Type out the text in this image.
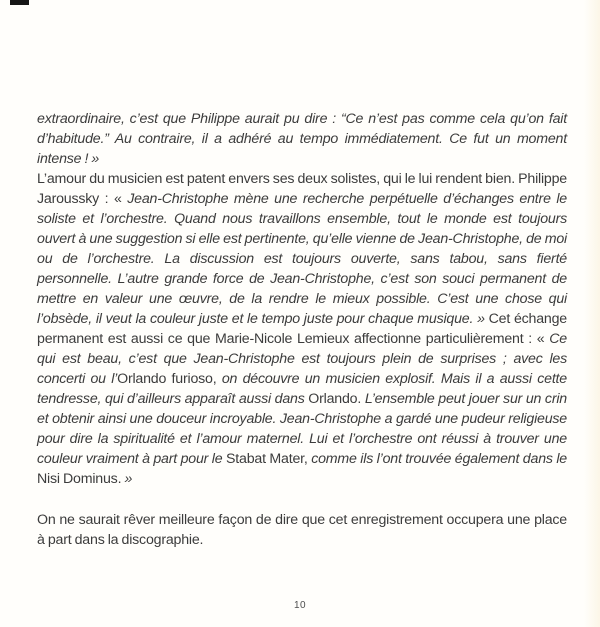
extraordinaire, c’est que Philippe aurait pu dire : “Ce n’est pas comme cela qu’on fait d’habitude.” Au contraire, il a adhéré au tempo immédiatement. Ce fut un moment intense ! »

L’amour du musicien est patent envers ses deux solistes, qui le lui rendent bien. Philippe Jaroussky : « Jean-Christophe mène une recherche perpétuelle d’échanges entre le soliste et l’orchestre. Quand nous travaillons ensemble, tout le monde est toujours ouvert à une suggestion si elle est pertinente, qu’elle vienne de Jean-Christophe, de moi ou de l’orchestre. La discussion est toujours ouverte, sans tabou, sans fierté personnelle. L’autre grande force de Jean-Christophe, c’est son souci permanent de mettre en valeur une œuvre, de la rendre le mieux possible. C’est une chose qui l’obsède, il veut la couleur juste et le tempo juste pour chaque musique. » Cet échange permanent est aussi ce que Marie-Nicole Lemieux affectionne particulièrement : « Ce qui est beau, c’est que Jean-Christophe est toujours plein de surprises ; avec les concerti ou l’Orlando furioso, on découvre un musicien explosif. Mais il a aussi cette tendresse, qui d’ailleurs apparaît aussi dans Orlando. L’ensemble peut jouer sur un crin et obtenir ainsi une douceur incroyable. Jean-Christophe a gardé une pudeur religieuse pour dire la spiritualité et l’amour maternel. Lui et l’orchestre ont réussi à trouver une couleur vraiment à part pour le Stabat Mater, comme ils l’ont trouvée également dans le Nisi Dominus. »

On ne saurait rêver meilleure façon de dire que cet enregistrement occupera une place à part dans la discographie.

10
